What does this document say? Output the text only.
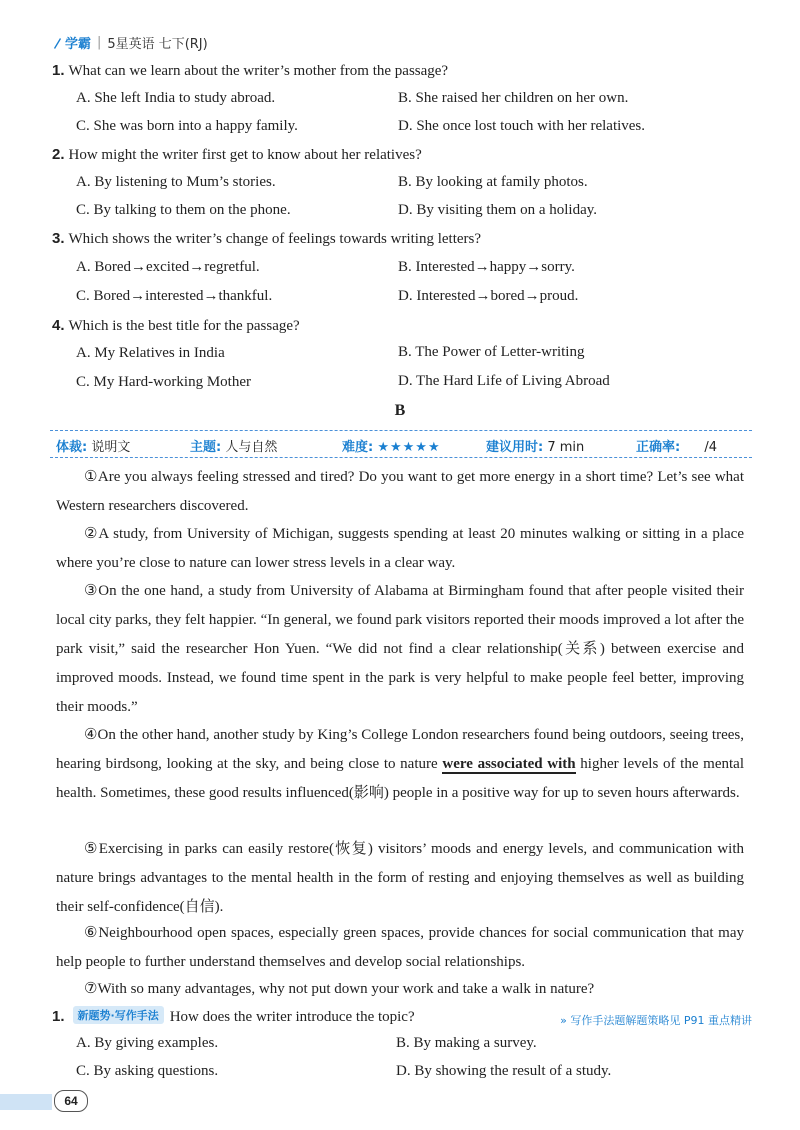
学霸 | 5星英语 七下(RJ)
1. What can we learn about the writer’s mother from the passage?
A. She left India to study abroad.	B. She raised her children on her own.
C. She was born into a happy family.	D. She once lost touch with her relatives.
2. How might the writer first get to know about her relatives?
A. By listening to Mum’s stories.	B. By looking at family photos.
C. By talking to them on the phone.	D. By visiting them on a holiday.
3. Which shows the writer’s change of feelings towards writing letters?
A. Bored→excited→regretful.	B. Interested→happy→sorry.
C. Bored→interested→thankful.	D. Interested→bored→proud.
4. Which is the best title for the passage?
A. My Relatives in India	B. The Power of Letter-writing
C. My Hard-working Mother	D. The Hard Life of Living Abroad
B
体裁: 说明文	主题: 人与自然	难度: ★★★★★	建议用时: 7 min	正确率: /4
①Are you always feeling stressed and tired? Do you want to get more energy in a short time? Let’s see what Western researchers discovered.
②A study, from University of Michigan, suggests spending at least 20 minutes walking or sitting in a place where you’re close to nature can lower stress levels in a clear way.
③On the one hand, a study from University of Alabama at Birmingham found that after people visited their local city parks, they felt happier. “In general, we found park visitors reported their moods improved a lot after the park visit,” said the researcher Hon Yuen. “We did not find a clear relationship(关系) between exercise and improved moods. Instead, we found time spent in the park is very helpful to make people feel better, improving their moods.”
④On the other hand, another study by King’s College London researchers found being outdoors, seeing trees, hearing birdsong, looking at the sky, and being close to nature were associated with higher levels of the mental health. Sometimes, these good results influenced(影响) people in a positive way for up to seven hours afterwards.
⑤Exercising in parks can easily restore(恢复) visitors’ moods and energy levels, and communication with nature brings advantages to the mental health in the form of resting and enjoying themselves as well as building their self-confidence(自信).
⑥Neighbourhood open spaces, especially green spaces, provide chances for social communication that may help people to further understand themselves and develop social relationships.
⑦With so many advantages, why not put down your work and take a walk in nature?
1. 新题势·写作手法 How does the writer introduce the topic?	» 写作手法题解题策略见 P91 重点精讲
A. By giving examples.	B. By making a survey.
C. By asking questions.	D. By showing the result of a study.
64
